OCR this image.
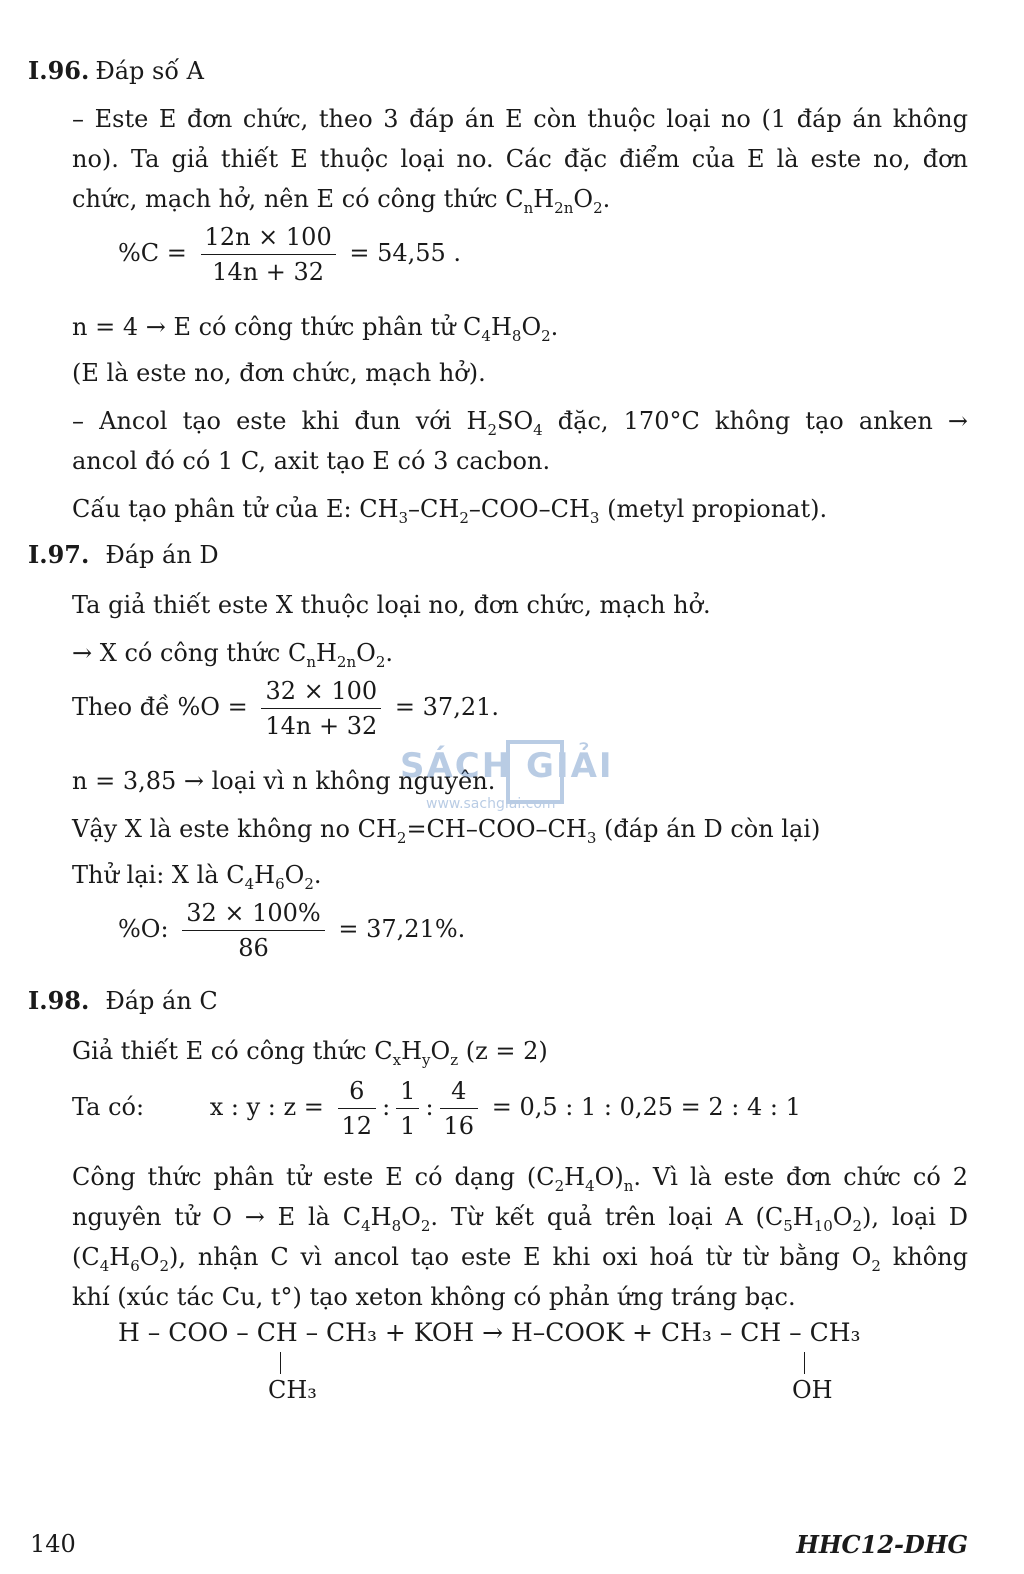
I.96. Đáp số A
– Este E đơn chức, theo 3 đáp án E còn thuộc loại no (1 đáp án không
no). Ta giả thiết E thuộc loại no. Các đặc điểm của E là este no, đơn
chức, mạch hở, nên E có công thức $C_nH_{2n}O_2$.
$\%C = \frac{12n \times 100}{14n + 32} = 54,55$ .
n = 4 → E có công thức phân tử $C_4H_8O_2$.
(E là este no, đơn chức, mạch hở).
– Ancol tạo este khi đun với $H_2SO_4$ đặc, 170°C không tạo anken →
ancol đó có 1 C, axit tạo E có 3 cacbon.
Cấu tạo phân tử của E: $CH_3-CH_2-COO-CH_3$ (metyl propionat).
I.97. Đáp án D
Ta giả thiết este X thuộc loại no, đơn chức, mạch hở.
→ X có công thức $C_nH_{2n}O_2$.
Theo đề $\%O = \frac{32 \times 100}{14n + 32} = 37,21$.
n = 3,85 → loại vì n không nguyên.
Vậy X là este không no $CH_2=CH-COO-CH_3$ (đáp án D còn lại)
Thử lại: X là $C_4H_6O_2$.
%O: $\frac{32 \times 100\%}{86} = 37,21\%$.
I.98. Đáp án C
Giả thiết E có công thức $C_xH_yO_z$ (z = 2)
Ta có:	x : y : $z = \frac{6}{12}$ : $\frac{1}{1}$ : $\frac{4}{16} = 0,5$ : 1 : 0,25 = 2 : 4 : 1
Công thức phân tử este E có dạng $(C_2H_4O)_n$. Vì là este đơn chức có 2
nguyên tử O → E là $C_4H_8O_2$. Từ kết quả trên loại A $(C_5H_{10}O_2)$, loại D
$(C_4H_6O_2)$, nhận C vì ancol tạo este E khi oxi hoá từ từ bằng $O_2$ không
khí (xúc tác Cu, t°) tạo xeton không có phản ứng tráng bạc.
H – COO – CH – CH₃ + KOH → H–COOK + CH₃ – CH – CH₃
CH₃	OH
SÁCH GIẢI
www.sachgiai.com
140	HHC12-DHG
